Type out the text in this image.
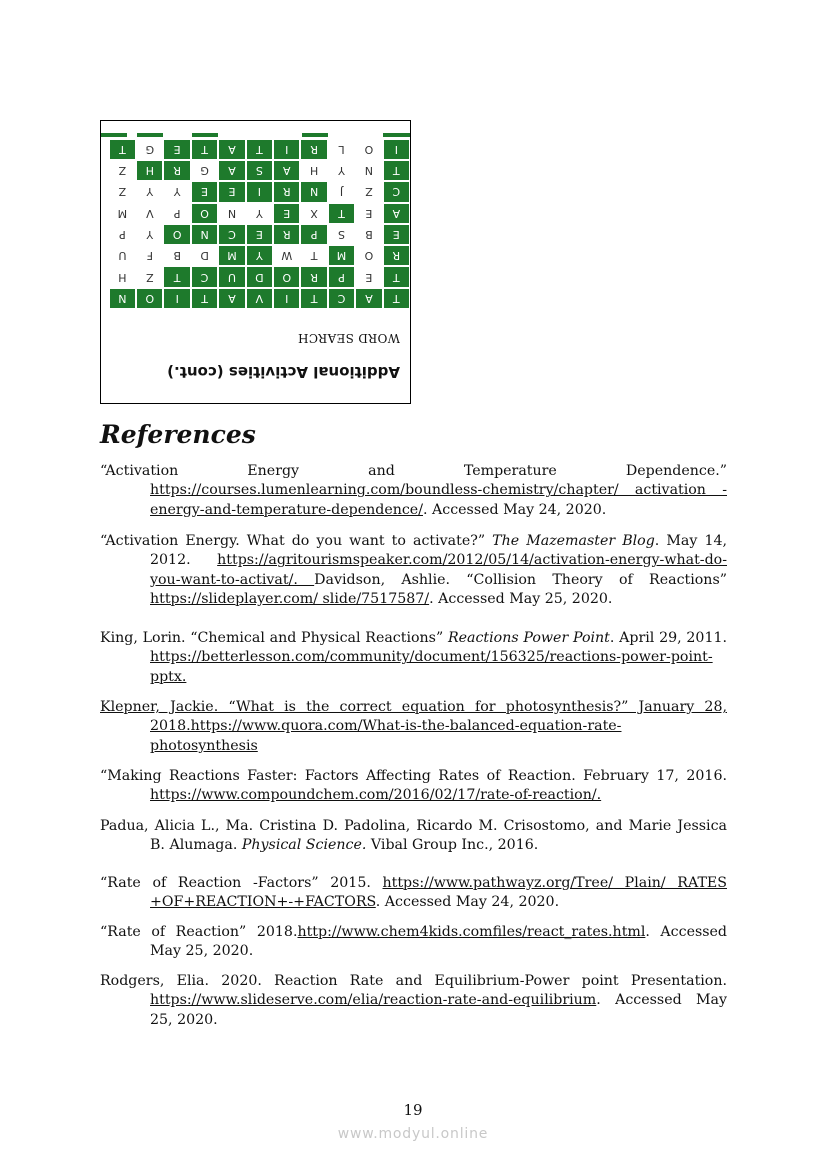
Additional Activities (cont.)
WORD SEARCH
T
A
C
T
I
V
A
T
I
O
N
T
E
P
R
O
D
U
C
T
Z
H
R
O
M
T
W
Y
M
D
B
F
U
E
B
S
P
R
E
C
N
O
Y
P
A
E
T
X
E
Y
N
O
P
V
M
C
Z
J
N
R
I
E
E
Y
Y
Z
T
N
Y
H
A
S
A
G
R
H
Z
I
O
L
R
I
T
A
T
E
G
T
References
“Activation Energy and Temperature Dependence.” https://courses.lumenlearning.com/boundless-chemistry/chapter/ activation -energy-and-temperature-dependence/. Accessed May 24, 2020.
“Activation Energy. What do you want to activate?” The Mazemaster Blog. May 14, 2012. https://agritourismspeaker.com/2012/05/14/activation-energy-what-do-you-want-to-activat/. Davidson, Ashlie. “Collision Theory of Reactions” https://slideplayer.com/ slide/7517587/. Accessed May 25, 2020.
King, Lorin. “Chemical and Physical Reactions” Reactions Power Point. April 29, 2011. https://betterlesson.com/community/document/156325/reactions-power-point-pptx.
Klepner, Jackie. “What is the correct equation for photosynthesis?” January 28, 2018.https://www.quora.com/What-is-the-balanced-equation-rate-photosynthesis
“Making Reactions Faster: Factors Affecting Rates of Reaction. February 17, 2016. https://www.compoundchem.com/2016/02/17/rate-of-reaction/.
Padua, Alicia L., Ma. Cristina D. Padolina, Ricardo M. Crisostomo, and Marie Jessica B. Alumaga. Physical Science. Vibal Group Inc., 2016.
“Rate of Reaction -Factors” 2015. https://www.pathwayz.org/Tree/ Plain/ RATES +OF+REACTION+-+FACTORS. Accessed May 24, 2020.
“Rate of Reaction” 2018.http://www.chem4kids.comfiles/react_rates.html. Accessed May 25, 2020.
Rodgers, Elia. 2020. Reaction Rate and Equilibrium-Power point Presentation. https://www.slideserve.com/elia/reaction-rate-and-equilibrium. Accessed May 25, 2020.
19
www.modyul.online
